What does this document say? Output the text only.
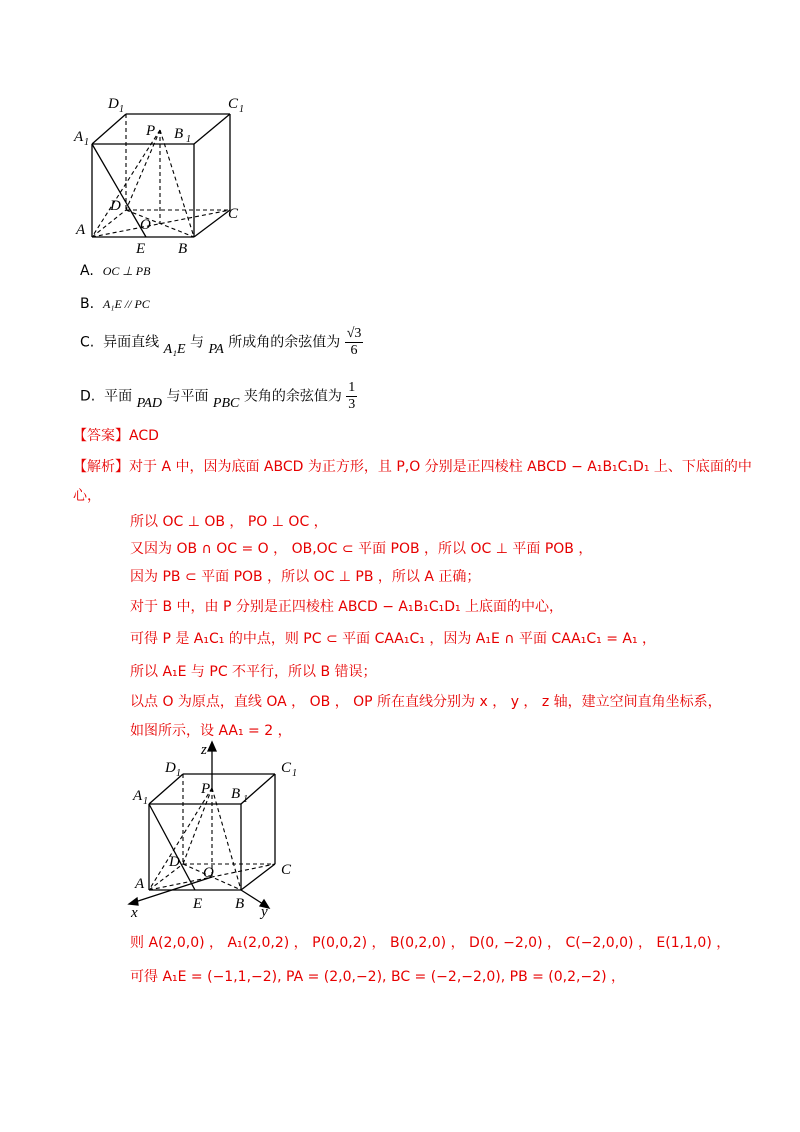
D 1	C 1
A 1
P B 1
D
O
C
A
E B
A. OC ⊥ PB
B. A₁E // PC
C. 异面直线 A₁E 与 PA 所成角的余弦值为 $\frac{√3}{6}$
D. 平面 PAD 与平面 PBC 夹角的余弦值为 $\frac{1}{3}$
【答案】ACD
【解析】对于 A 中，因为底面 ABCD 为正方形，且 P,O 分别是正四棱柱 ABCD − A₁B₁C₁D₁ 上、下底面的中
心，
所以 OC ⊥ OB ， PO ⊥ OC ，
又因为 OB ∩ OC = O ， OB,OC ⊂ 平面 POB ，所以 OC ⊥ 平面 POB ，
因为 PB ⊂ 平面 POB ，所以 OC ⊥ PB ，所以 A 正确；
对于 B 中，由 P 分别是正四棱柱 ABCD − A₁B₁C₁D₁ 上底面的中心，
可得 P 是 A₁C₁ 的中点，则 PC ⊂ 平面 CAA₁C₁ ，因为 A₁E ∩ 平面 CAA₁C₁ = A₁ ，
所以 A₁E 与 PC 不平行，所以 B 错误；
以点 O 为原点，直线 OA ， OB ， OP 所在直线分别为 x ， y ， z 轴，建立空间直角坐标系，
如图所示，设 AA₁ = 2 ，
z
D 1	C 1
A 1
P B 1
D
O	C
A
x
E B y
则 A(2,0,0) ， A₁(2,0,2) ， P(0,0,2) ， B(0,2,0) ， D(0, −2,0) ， C(−2,0,0) ， E(1,1,0) ，
可得 A₁E = (−1,1,−2), PA = (2,0,−2), BC = (−2,−2,0), PB = (0,2,−2) ，
